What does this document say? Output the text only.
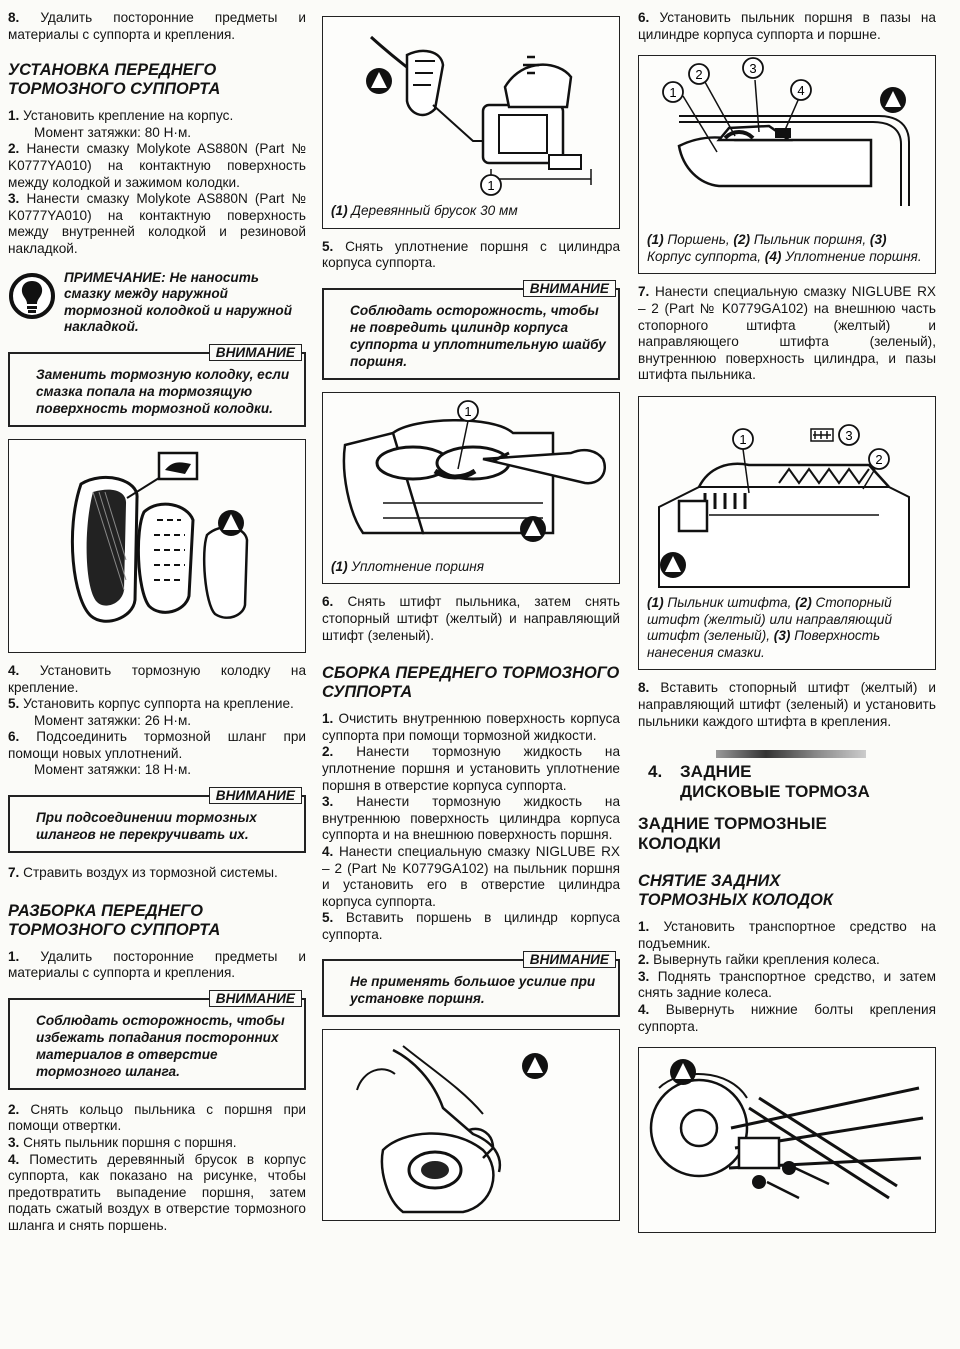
8. Удалить посторонние предметы и материалы с суппорта и крепления.

УСТАНОВКА ПЕРЕДНЕГО ТОРМОЗНОГО СУППОРТА

1. Установить крепление на корпус.

Момент затяжки: 80 Н·м.

2. Нанести смазку Molykote AS880N (Part № K0777YA010) на контактную поверхность между колодкой и зажимом колодки.

3. Нанести смазку Molykote AS880N (Part № K0777YA010) на контактную поверхность между внутренней колодкой и резиновой накладкой.

ПРИМЕЧАНИЕ: Не наносить смазку между наружной тормозной колодкой и наружной накладкой.
ВНИМАНИЕ
Заменить тормозную колодку, если смазка попала на тормозящую поверхность тормозной колодки.

4. Установить тормозную колодку на крепление.

5. Установить корпус суппорта на крепление.

Момент затяжки: 26 Н·м.

6. Подсоединить тормозной шланг при помощи новых уплотнений.

Момент затяжки: 18 Н·м.

ВНИМАНИЕ
При подсоединении тормозных шлангов не перекручивать их.

7. Стравить воздух из тормозной системы.

РАЗБОРКА ПЕРЕДНЕГО ТОРМОЗНОГО СУППОРТА

1. Удалить посторонние предметы и материалы с суппорта и крепления.

ВНИМАНИЕ
Соблюдать осторожность, чтобы избежать попадания посторонних материалов в отверстие тормозного шланга.

2. Снять кольцо пыльника с поршня при помощи отвертки.

3. Снять пыльник поршня с поршня.

4. Поместить деревянный брусок в корпус суппорта, как показано на рисунке, чтобы предотвратить выпадение поршня, затем подать сжатый воздух в отверстие тормозного шланга и снять поршень.

1
(1) Деревянный брусок 30 мм

5. Снять уплотнение поршня с цилиндра корпуса суппорта.

ВНИМАНИЕ
Соблюдать осторожность, чтобы не повредить цилиндр корпуса суппорта и уплотнительную шайбу поршня.
1
(1) Уплотнение поршня

6. Снять штифт пыльника, затем снять стопорный штифт (желтый) и направляющий штифт (зеленый).

СБОРКА ПЕРЕДНЕГО ТОРМОЗНОГО СУППОРТА

1. Очистить внутреннюю поверхность корпуса суппорта при помощи тормозной жидкости.

2. Нанести тормозную жидкость на уплотнение поршня и установить уплотнение поршня в отверстие корпуса суппорта.

3. Нанести тормозную жидкость на внутреннюю поверхность цилиндра корпуса суппорта и на внешнюю поверхность поршня.

4. Нанести специальную смазку NIGLUBE RX – 2 (Part № K0779GA102) на пыльник поршня и установить его в отверстие цилиндра корпуса суппорта.

5. Вставить поршень в цилиндр корпуса суппорта.

ВНИМАНИЕ
Не применять большое усилие при установке поршня.

6. Установить пыльник поршня в пазы на цилиндре корпуса суппорта и поршне.

1
2	3
4
(1) Поршень, (2) Пыльник поршня, (3) Корпус суппорта, (4) Уплотнение поршня.

7. Нанести специальную смазку NIGLUBE RX – 2 (Part № K0779GA102) на внешнюю часть стопорного штифта (желтый) и направляющего штифта (зеленый), внутреннюю поверхность цилиндра, и пазы штифта пыльника.

1
2
3
(1) Пыльник штифта, (2) Стопорный штифт (желтый) или направляющий штифт (зеленый), (3) Поверхность нанесения смазки.

8. Вставить стопорный штифт (желтый) и направляющий штифт (зеленый) и установить пыльники каждого штифта в крепления.

4.	ЗАДНИЕ
ДИСКОВЫЕ ТОРМОЗА
ЗАДНИЕ ТОРМОЗНЫЕ КОЛОДКИ
СНЯТИЕ ЗАДНИХ ТОРМОЗНЫХ КОЛОДОК

1. Установить транспортное средство на подъемник.

2. Вывернуть гайки крепления колеса.

3. Поднять транспортное средство, и затем снять задние колеса.

4. Вывернуть нижние болты крепления суппорта.
